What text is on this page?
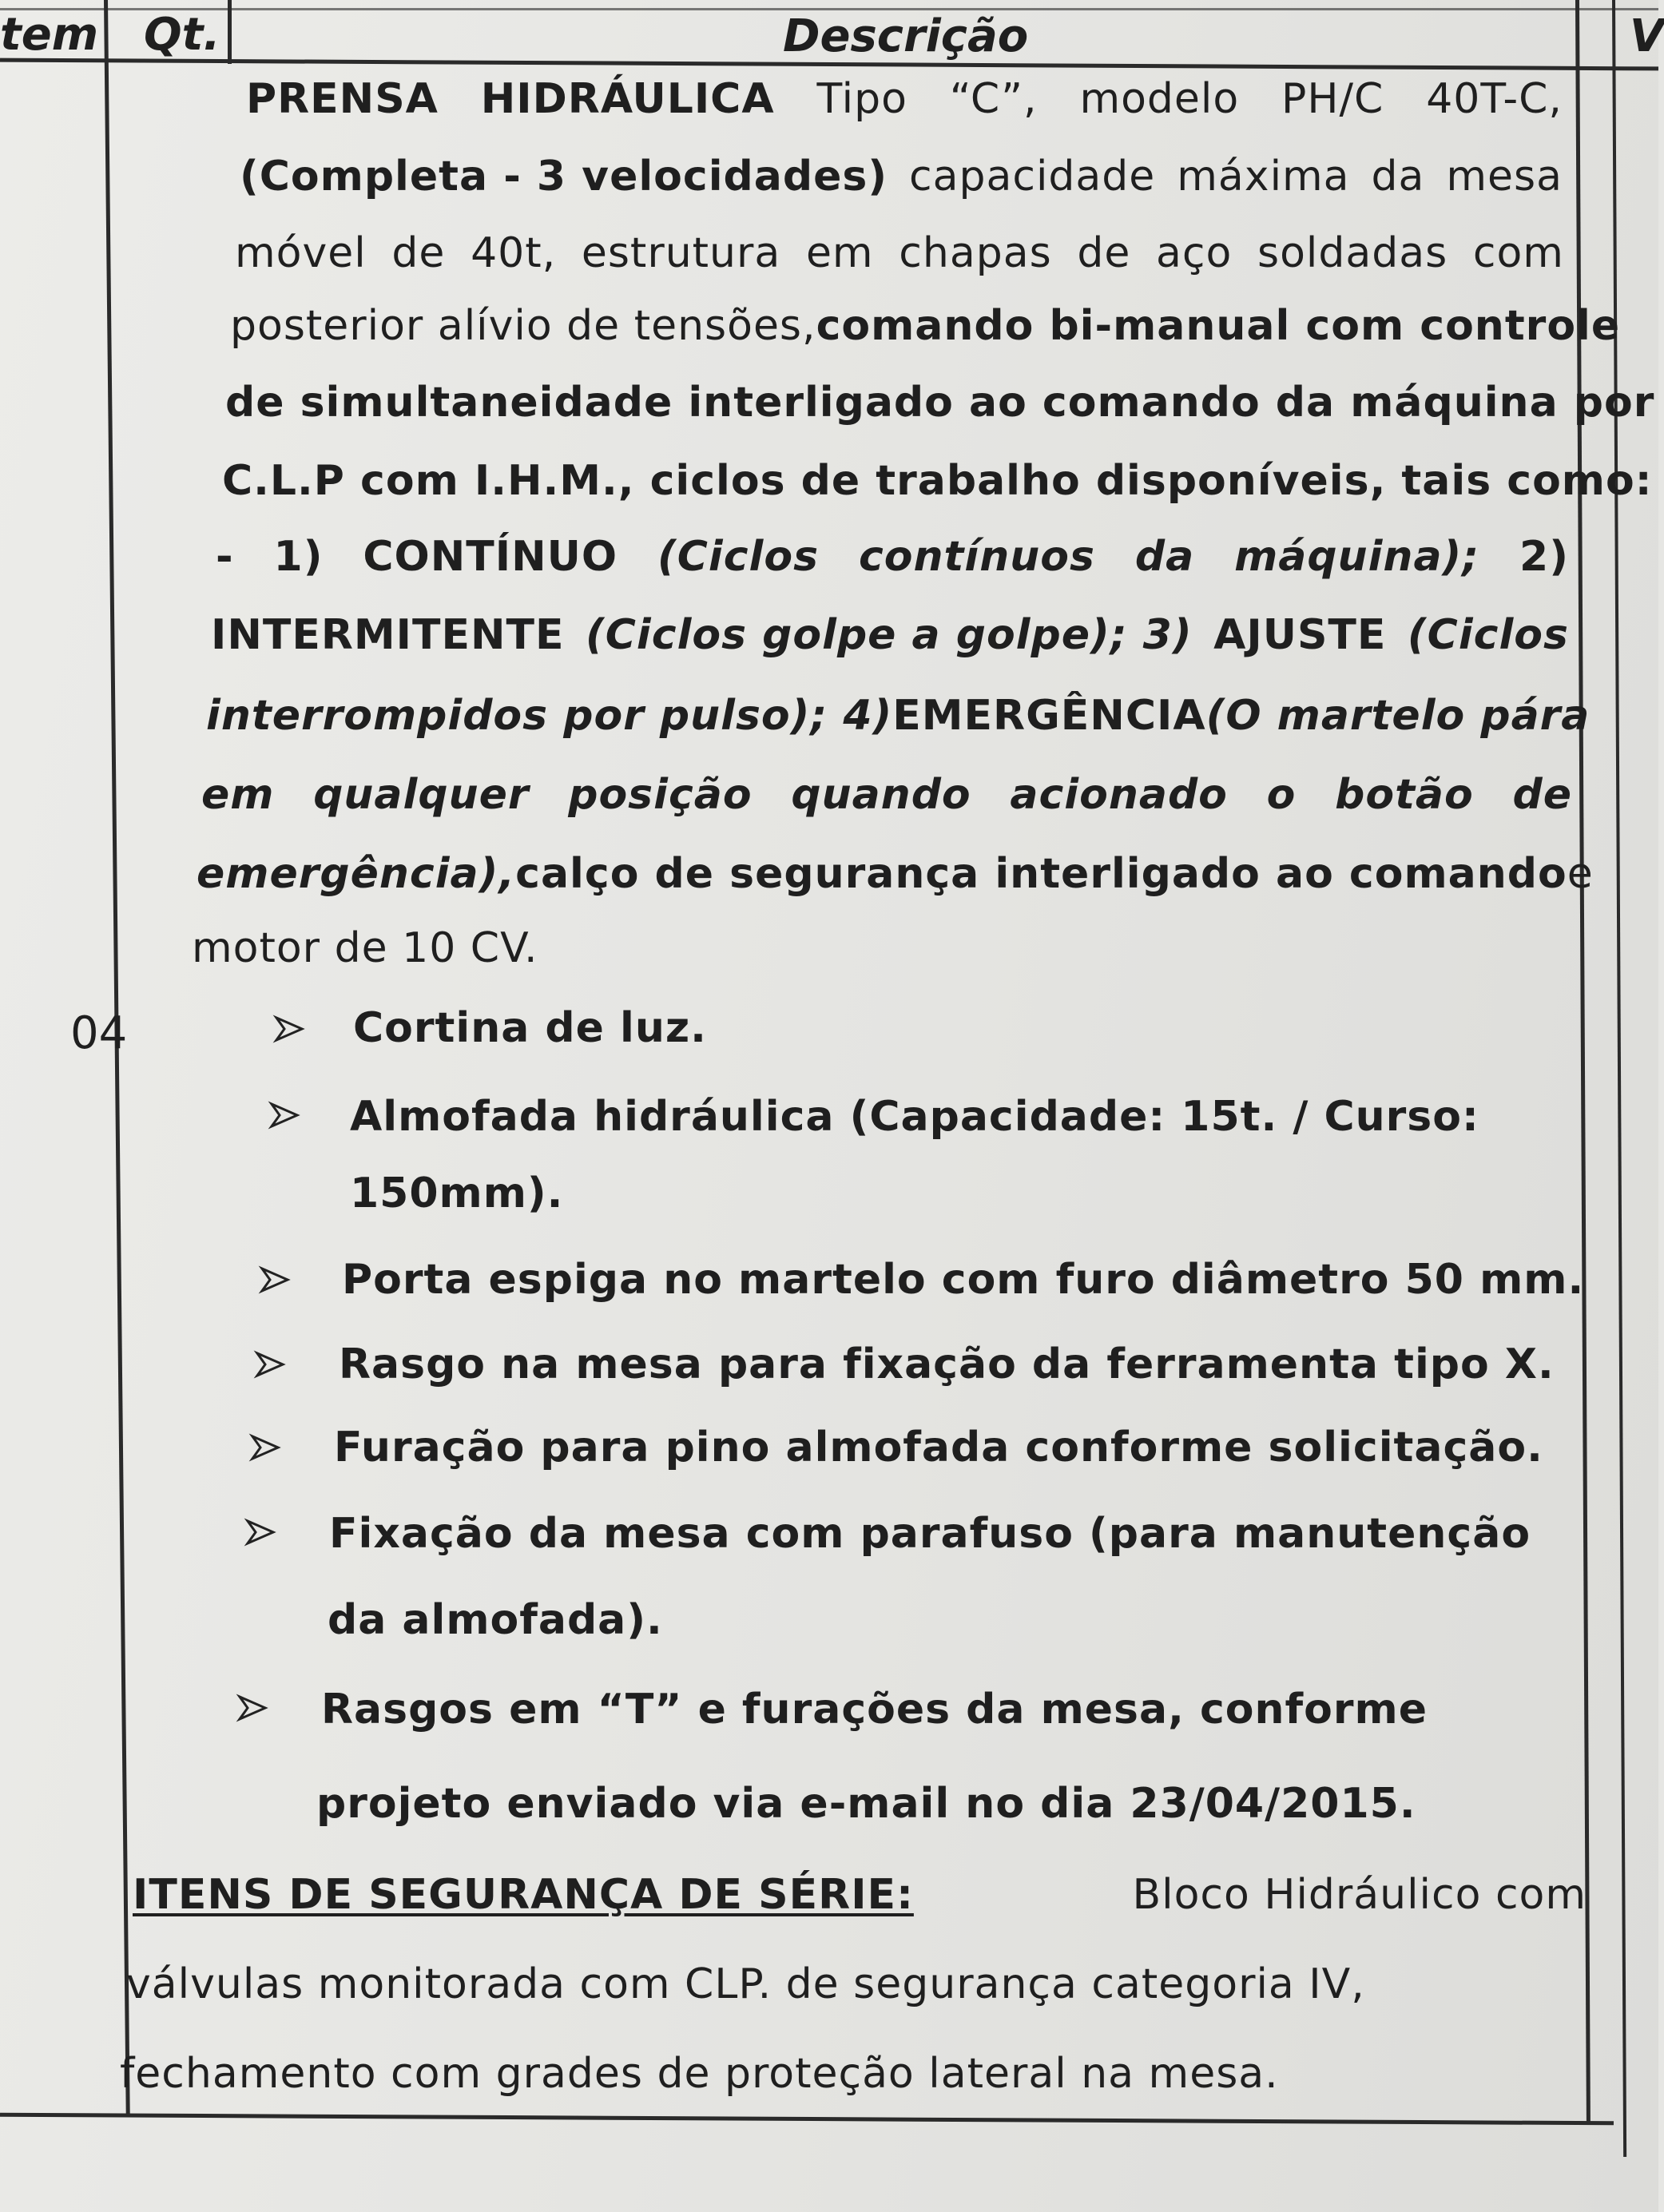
tem Qt.	Descrição	V
04
PRENSA HIDRÁULICA Tipo “C”, modelo PH/C 40T-C,
(Completa - 3 velocidades) capacidade máxima da mesa
móvel de 40t, estrutura em chapas de aço soldadas com
posterior alívio de tensões, comando bi-manual com controle
de simultaneidade interligado ao comando da máquina por
C.L.P com I.H.M., ciclos de trabalho disponíveis, tais como:
- 1) CONTÍNUO (Ciclos contínuos da máquina); 2)
INTERMITENTE (Ciclos golpe a golpe); 3) AJUSTE (Ciclos
interrompidos por pulso); 4) EMERGÊNCIA (O martelo pára
em qualquer posição quando acionado o botão de
emergência), calço de segurança interligado ao comando e
motor de 10 CV.
Cortina de luz.
Almofada hidráulica (Capacidade: 15t. / Curso:
150mm).
Porta espiga no martelo com furo diâmetro 50 mm.
Rasgo na mesa para fixação da ferramenta tipo X.
Furação para pino almofada conforme solicitação.
Fixação da mesa com parafuso (para manutenção
da almofada).
Rasgos em “T” e furações da mesa, conforme
projeto enviado via e-mail no dia 23/04/2015.
ITENS DE SEGURANÇA DE SÉRIE:	Bloco Hidráulico com
válvulas monitorada com CLP. de segurança categoria IV,
fechamento com grades de proteção lateral na mesa.
